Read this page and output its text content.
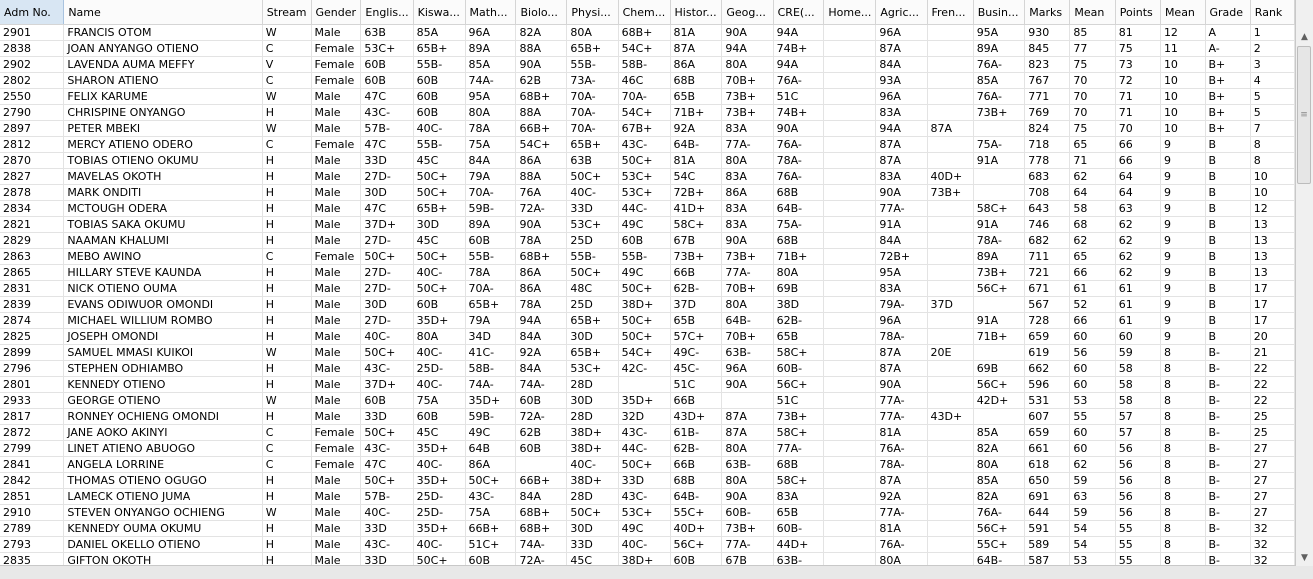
Adm No.	Name	Stream	Gender	Englis...	Kiswa...	Math...	Biolo...	Physi...	Chem...	Histor...	Geog...	CRE(...	Home...	Agric...	Fren...	Busin...	Marks	Mean	Points	Mean	Grade	Rank
2901	FRANCIS OTOM	W	Male	63B	85A	96A	82A	80A	68B+	81A	90A	94A		96A		95A	930	85	81	12	A	1
2838	JOAN ANYANGO OTIENO	C	Female	53C+	65B+	89A	88A	65B+	54C+	87A	94A	74B+		87A		89A	845	77	75	11	A-	2
2902	LAVENDA AUMA MEFFY	V	Female	60B	55B-	85A	90A	55B-	58B-	86A	80A	94A		84A		76A-	823	75	73	10	B+	3
2802	SHARON ATIENO	C	Female	60B	60B	74A-	62B	73A-	46C	68B	70B+	76A-		93A		85A	767	70	72	10	B+	4
2550	FELIX KARUME	W	Male	47C	60B	95A	68B+	70A-	70A-	65B	73B+	51C		96A		76A-	771	70	71	10	B+	5
2790	CHRISPINE ONYANGO	H	Male	43C-	60B	80A	88A	70A-	54C+	71B+	73B+	74B+		83A		73B+	769	70	71	10	B+	5
2897	PETER MBEKI	W	Male	57B-	40C-	78A	66B+	70A-	67B+	92A	83A	90A		94A	87A		824	75	70	10	B+	7
2812	MERCY ATIENO ODERO	C	Female	47C	55B-	75A	54C+	65B+	43C-	64B-	77A-	76A-		87A		75A-	718	65	66	9	B	8
2870	TOBIAS OTIENO OKUMU	H	Male	33D	45C	84A	86A	63B	50C+	81A	80A	78A-		87A		91A	778	71	66	9	B	8
2827	MAVELAS OKOTH	H	Male	27D-	50C+	79A	88A	50C+	53C+	54C	83A	76A-		83A	40D+		683	62	64	9	B	10
2878	MARK ONDITI	H	Male	30D	50C+	70A-	76A	40C-	53C+	72B+	86A	68B		90A	73B+		708	64	64	9	B	10
2834	MCTOUGH ODERA	H	Male	47C	65B+	59B-	72A-	33D	44C-	41D+	83A	64B-		77A-		58C+	643	58	63	9	B	12
2821	TOBIAS SAKA OKUMU	H	Male	37D+	30D	89A	90A	53C+	49C	58C+	83A	75A-		91A		91A	746	68	62	9	B	13
2829	NAAMAN KHALUMI	H	Male	27D-	45C	60B	78A	25D	60B	67B	90A	68B		84A		78A-	682	62	62	9	B	13
2863	MEBO AWINO	C	Female	50C+	50C+	55B-	68B+	55B-	55B-	73B+	73B+	71B+		72B+		89A	711	65	62	9	B	13
2865	HILLARY STEVE KAUNDA	H	Male	27D-	40C-	78A	86A	50C+	49C	66B	77A-	80A		95A		73B+	721	66	62	9	B	13
2831	NICK OTIENO OUMA	H	Male	27D-	50C+	70A-	86A	48C	50C+	62B-	70B+	69B		83A		56C+	671	61	61	9	B	17
2839	EVANS ODIWUOR OMONDI	H	Male	30D	60B	65B+	78A	25D	38D+	37D	80A	38D		79A-	37D		567	52	61	9	B	17
2874	MICHAEL WILLIUM ROMBO	H	Male	27D-	35D+	79A	94A	65B+	50C+	65B	64B-	62B-		96A		91A	728	66	61	9	B	17
2825	JOSEPH OMONDI	H	Male	40C-	80A	34D	84A	30D	50C+	57C+	70B+	65B		78A-		71B+	659	60	60	9	B	20
2899	SAMUEL MMASI KUIKOI	W	Male	50C+	40C-	41C-	92A	65B+	54C+	49C-	63B-	58C+		87A	20E		619	56	59	8	B-	21
2796	STEPHEN ODHIAMBO	H	Male	43C-	25D-	58B-	84A	53C+	42C-	45C-	96A	60B-		87A		69B	662	60	58	8	B-	22
2801	KENNEDY OTIENO	H	Male	37D+	40C-	74A-	74A-	28D		51C	90A	56C+		90A		56C+	596	60	58	8	B-	22
2933	GEORGE OTIENO	W	Male	60B	75A	35D+	60B	30D	35D+	66B		51C		77A-		42D+	531	53	58	8	B-	22
2817	RONNEY OCHIENG OMONDI	H	Male	33D	60B	59B-	72A-	28D	32D	43D+	87A	73B+		77A-	43D+		607	55	57	8	B-	25
2872	JANE AOKO AKINYI	C	Female	50C+	45C	49C	62B	38D+	43C-	61B-	87A	58C+		81A		85A	659	60	57	8	B-	25
2799	LINET ATIENO ABUOGO	C	Female	43C-	35D+	64B	60B	38D+	44C-	62B-	80A	77A-		76A-		82A	661	60	56	8	B-	27
2841	ANGELA LORRINE	C	Female	47C	40C-	86A		40C-	50C+	66B	63B-	68B		78A-		80A	618	62	56	8	B-	27
2842	THOMAS OTIENO OGUGO	H	Male	50C+	35D+	50C+	66B+	38D+	33D	68B	80A	58C+		87A		85A	650	59	56	8	B-	27
2851	LAMECK OTIENO JUMA	H	Male	57B-	25D-	43C-	84A	28D	43C-	64B-	90A	83A		92A		82A	691	63	56	8	B-	27
2910	STEVEN ONYANGO OCHIENG	W	Male	40C-	25D-	75A	68B+	50C+	53C+	55C+	60B-	65B		77A-		76A-	644	59	56	8	B-	27
2789	KENNEDY OUMA OKUMU	H	Male	33D	35D+	66B+	68B+	30D	49C	40D+	73B+	60B-		81A		56C+	591	54	55	8	B-	32
2793	DANIEL OKELLO OTIENO	H	Male	43C-	40C-	51C+	74A-	33D	40C-	56C+	77A-	44D+		76A-		55C+	589	54	55	8	B-	32
2835	GIFTON OKOTH	H	Male	33D	50C+	60B	72A-	45C	38D+	60B	67B	63B-		80A		64B-	587	53	55	8	B-	32
▲
≡
▼
